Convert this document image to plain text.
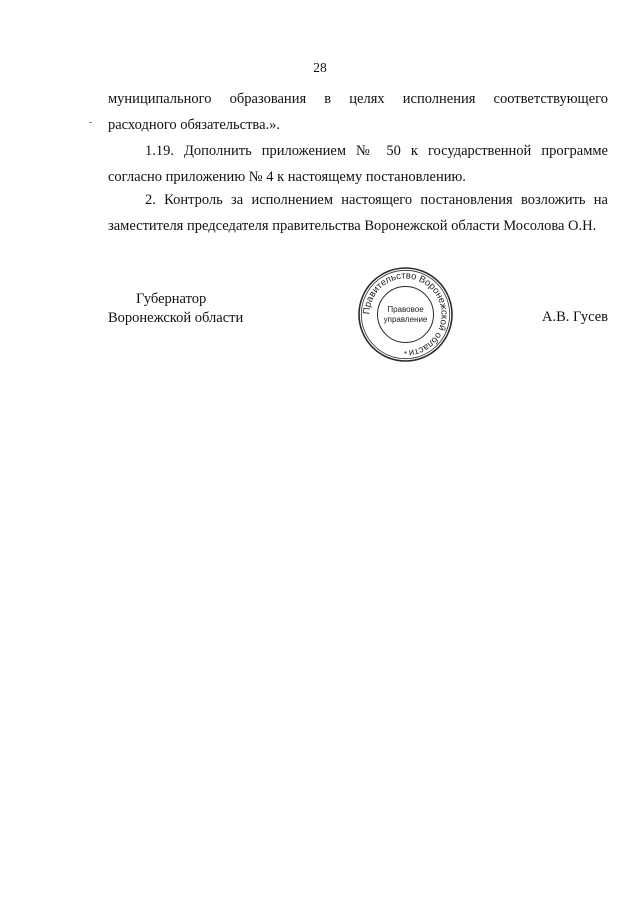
28
муниципального образования в целях исполнения соответствующего
расходного обязательства.».
1.19. Дополнить приложением № 50 к государственной программе
согласно приложению № 4 к настоящему постановлению.
2. Контроль за исполнением настоящего постановления возложить на
заместителя председателя правительства Воронежской области Мосолова О.Н.
Губернатор
Воронежской области	Правительство Воронежской области
Правовое
управление
*
А.В. Гусев
